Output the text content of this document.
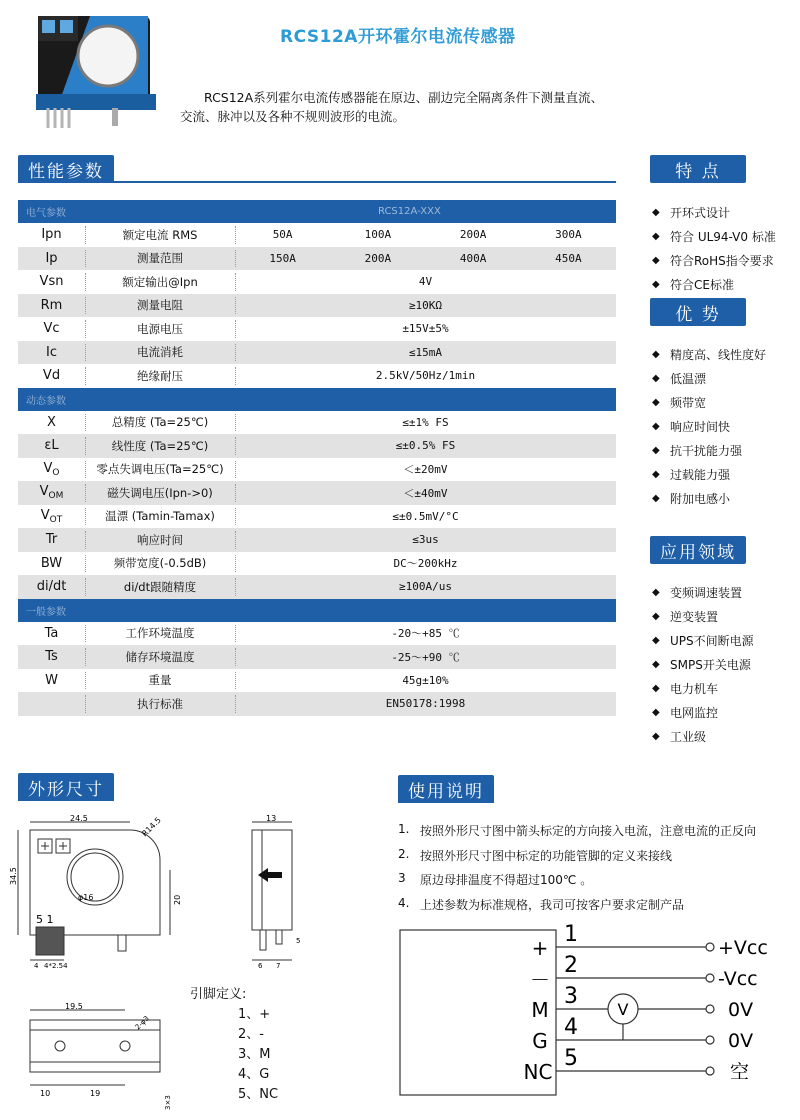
RCS12A开环霍尔电流传感器
RCS12A系列霍尔电流传感器能在原边、副边完全隔离条件下测量直流、交流、脉冲以及各种不规则波形的电流。
性能参数	特 点
优 势
应用领域
外形尺寸	使用说明
电气参数	RCS12A-XXX
Ipn	额定电流 RMS	50A	100A	200A	300A
Ip	测量范围	150A	200A	400A	450A
Vsn	额定输出@Ipn	4V
Rm	测量电阻	≥10KΩ
Vc	电源电压	±15V±5%
Ic	电流消耗	≤15mA
Vd	绝缘耐压	2.5kV/50Hz/1min
动态参数
X	总精度 (Ta=25℃)	≤±1% FS
εL	线性度 (Ta=25℃)	≤±0.5% FS
$V_O$	零点失调电压(Ta=25℃)	＜±20mV
$V_{OM}$	磁失调电压(Ipn->0)	＜±40mV
$V_{OT}$	温漂 (Tamin-Tamax)	≤±0.5mV/°C
Tr	响应时间	≤3us
BW	频带宽度(-0.5dB)	DC～200kHz
di/dt	di/dt跟随精度	≥100A/us
一般参数
Ta	工作环境温度	-20～+85 ℃
Ts	储存环境温度	-25～+90 ℃
W	重量	45g±10%
执行标准	EN50178:1998
◆ 开环式设计
◆ 符合 UL94-V0 标准
◆ 符合RoHS指令要求
◆ 符合CE标准
◆ 精度高、线性度好
◆ 低温漂
◆ 频带宽
◆ 响应时间快
◆ 抗干扰能力强
◆ 过载能力强
◆ 附加电感小
◆ 变频调速装置
◆ 逆变装置
◆ UPS不间断电源
◆ SMPS开关电源
◆ 电力机车
◆ 电网监控
◆ 工业级
24.5	R14.5
φ16
34.5
20
5 1
4 4*2.54
13
6 7
5
19.5
2-φ3
10	19
3×3
引脚定义:
1、+
2、-
3、M
4、G
5、NC
1. 按照外形尺寸图中箭头标定的方向接入电流，注意电流的正反向
2. 按照外形尺寸图中标定的功能管脚的定义来接线
3	原边母排温度不得超过100℃ 。
4. 上述参数为标准规格，我司可按客户要求定制产品
V
+
－
M
G
NC
1
2
3
4
5
+Vcc
-Vcc
0V
0V
空
